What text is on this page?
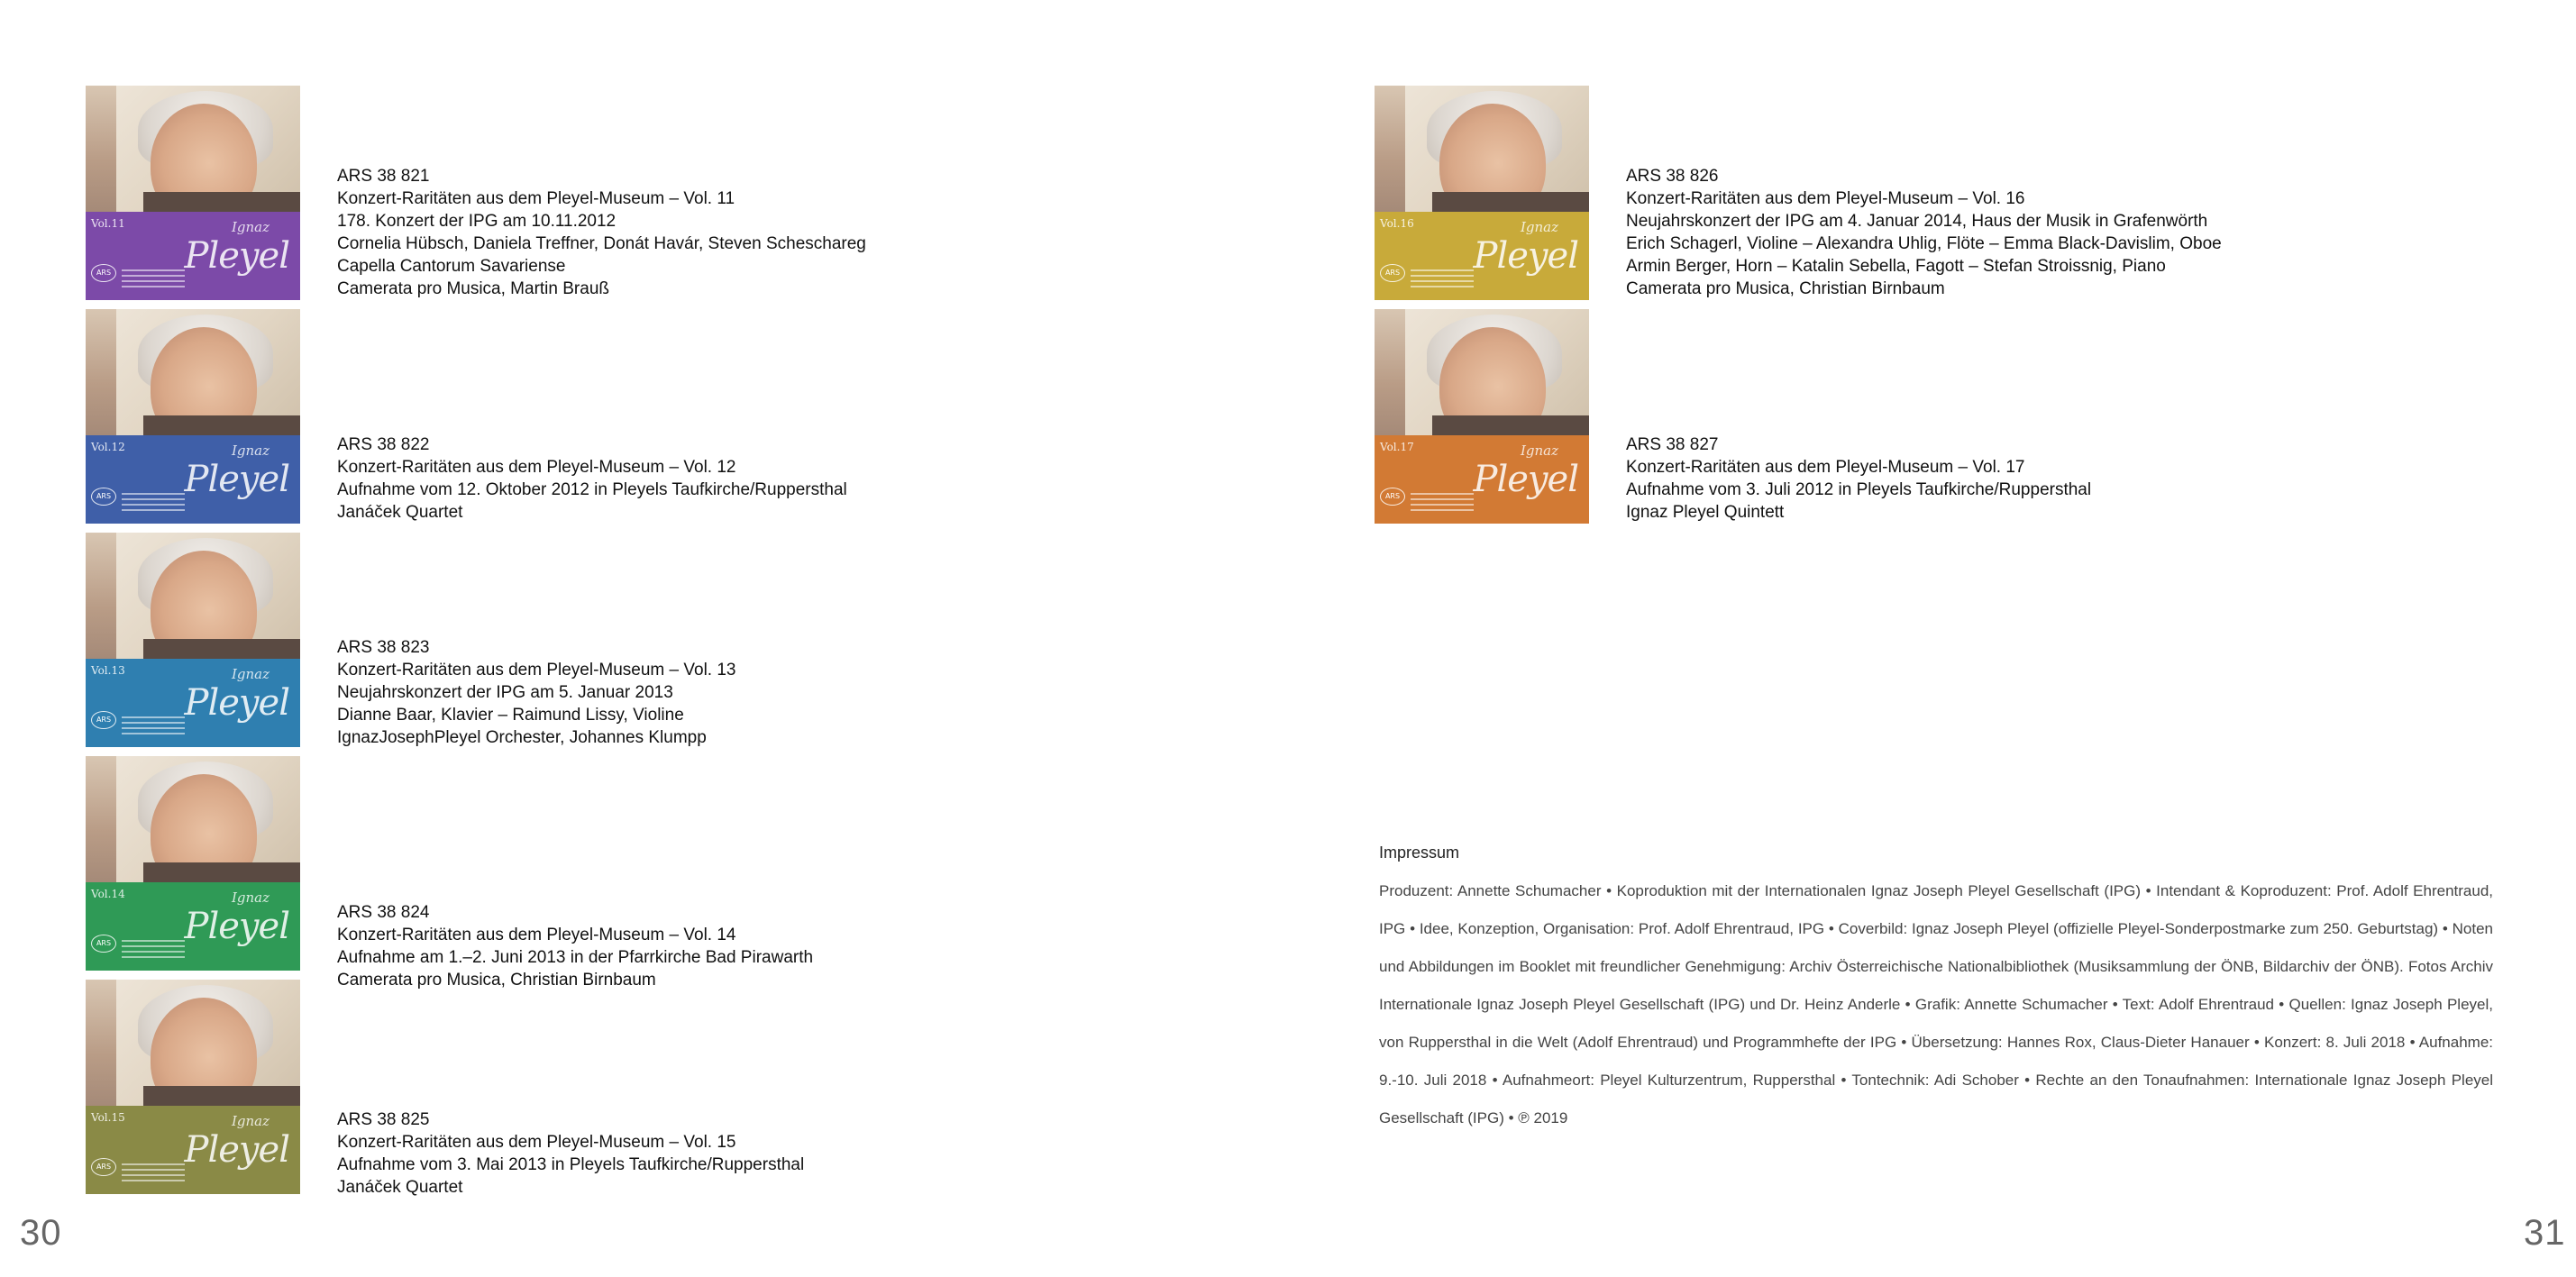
Vol.11	Ignaz
Pleyel
ARS
ARS 38 821
Konzert-Raritäten aus dem Pleyel-Museum – Vol. 11
178. Konzert der IPG am 10.11.2012
Cornelia Hübsch, Daniela Treffner, Donát Havár, Steven Scheschareg
Capella Cantorum Savariense
Camerata pro Musica, Martin Brauß
Vol.12	Ignaz
Pleyel
ARS
ARS 38 822
Konzert-Raritäten aus dem Pleyel-Museum – Vol. 12
Aufnahme vom 12. Oktober 2012 in Pleyels Taufkirche/Ruppersthal
Janáček Quartet
Vol.13	Ignaz
Pleyel
ARS
ARS 38 823
Konzert-Raritäten aus dem Pleyel-Museum – Vol. 13
Neujahrskonzert der IPG am 5. Januar 2013
Dianne Baar, Klavier – Raimund Lissy, Violine
IgnazJosephPleyel Orchester, Johannes Klumpp
Vol.14	Ignaz
Pleyel
ARS
ARS 38 824
Konzert-Raritäten aus dem Pleyel-Museum – Vol. 14
Aufnahme am 1.–2. Juni 2013 in der Pfarrkirche Bad Pirawarth
Camerata pro Musica, Christian Birnbaum
Vol.15	Ignaz
Pleyel
ARS
ARS 38 825
Konzert-Raritäten aus dem Pleyel-Museum – Vol. 15
Aufnahme vom 3. Mai 2013 in Pleyels Taufkirche/Ruppersthal
Janáček Quartet
30
Vol.16	Ignaz
Pleyel
ARS
ARS 38 826
Konzert-Raritäten aus dem Pleyel-Museum – Vol. 16
Neujahrskonzert der IPG am 4. Januar 2014, Haus der Musik in Grafenwörth
Erich Schagerl, Violine – Alexandra Uhlig, Flöte – Emma Black-Davislim, Oboe
Armin Berger, Horn – Katalin Sebella, Fagott – Stefan Stroissnig, Piano
Camerata pro Musica, Christian Birnbaum
Vol.17	Ignaz
Pleyel
ARS
ARS 38 827
Konzert-Raritäten aus dem Pleyel-Museum – Vol. 17
Aufnahme vom 3. Juli 2012 in Pleyels Taufkirche/Ruppersthal
Ignaz Pleyel Quintett
Impressum
Produzent: Annette Schumacher • Koproduktion mit der Internationalen Ignaz Joseph Pleyel Gesellschaft (IPG) • Intendant & Koproduzent: Prof. Adolf Ehrentraud, IPG • Idee, Konzeption, Organisation: Prof. Adolf Ehrentraud, IPG • Coverbild: Ignaz Joseph Pleyel (offizielle Pleyel-Sonderpostmarke zum 250. Geburtstag) • Noten und Abbildungen im Booklet mit freundlicher Genehmigung: Archiv Österreichische Nationalbibliothek (Musiksammlung der ÖNB, Bildarchiv der ÖNB). Fotos Archiv Internationale Ignaz Joseph Pleyel Gesellschaft (IPG) und Dr. Heinz Anderle • Grafik: Annette Schumacher • Text: Adolf Ehrentraud • Quellen: Ignaz Joseph Pleyel, von Ruppersthal in die Welt (Adolf Ehrentraud) und Programmhefte der IPG • Übersetzung: Hannes Rox, Claus-Dieter Hanauer • Konzert: 8. Juli 2018 • Aufnahme: 9.-10. Juli 2018 • Aufnahmeort: Pleyel Kulturzentrum, Ruppersthal • Tontechnik: Adi Schober • Rechte an den Tonaufnahmen: Internationale Ignaz Joseph Pleyel Gesellschaft (IPG) • ℗ 2019
31
